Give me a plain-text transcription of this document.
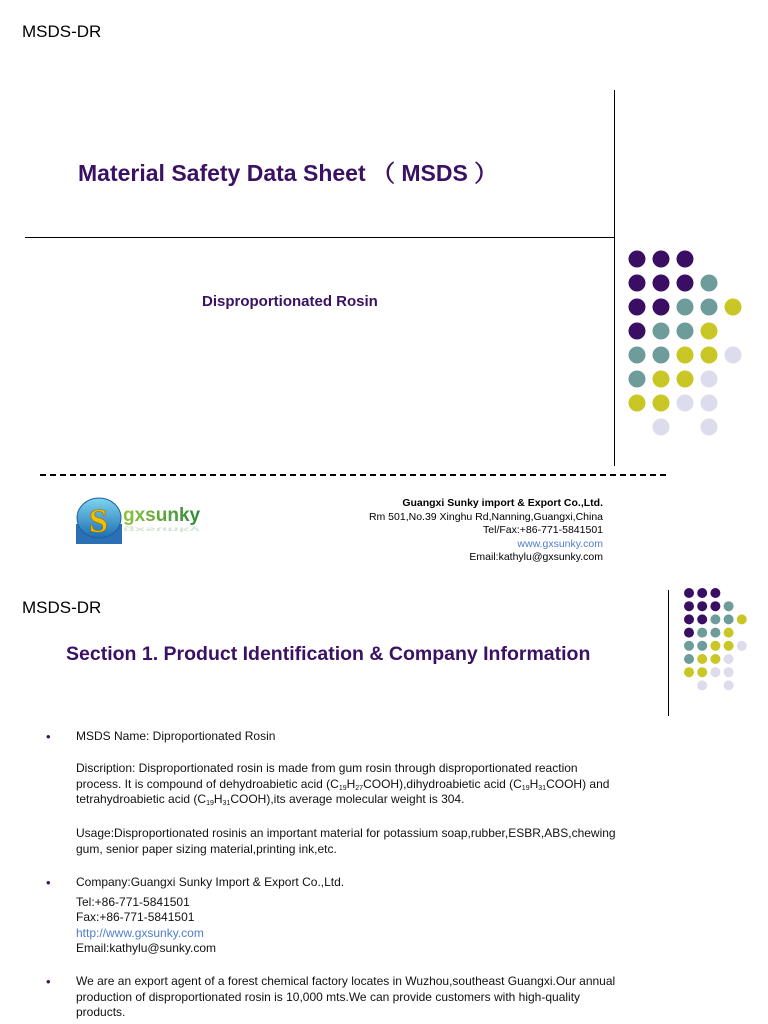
MSDS-DR
Material Safety Data Sheet （ MSDS ）
Disproportionated Rosin
S gxsunky
gxsunky
Guangxi Sunky import & Export Co.,Ltd.
Rm 501,No.39 Xinghu Rd,Nanning,Guangxi,China
Tel/Fax:+86-771-5841501
www.gxsunky.com
Email:kathylu@gxsunky.com
MSDS-DR
Section 1. Product Identification & Company Information
• MSDS Name: Diproportionated Rosin
Discription: Disproportionated rosin is made from gum rosin through disproportionated reaction
process. It is compound of dehydroabietic acid $(C_{19}H_{27}COOH),dihydroabietic$ acid $(C_{19}H_{31}COOH)$ and
tetrahydroabietic acid $(C_{19}H_{31}COOH),its$ average molecular weight is 304.
Usage:Disproportionated rosinis an important material for potassium soap,rubber,ESBR,ABS,chewing
gum, senior paper sizing material,printing ink,etc.
• Company:Guangxi Sunky Import & Export Co.,Ltd.
Tel:+86-771-5841501
Fax:+86-771-5841501
http://www.gxsunky.com
Email:kathylu@sunky.com
• We are an export agent of a forest chemical factory locates in Wuzhou,southeast Guangxi.Our annual
production of disproportionated rosin is 10,000 mts.We can provide customers with high-quality
products.
